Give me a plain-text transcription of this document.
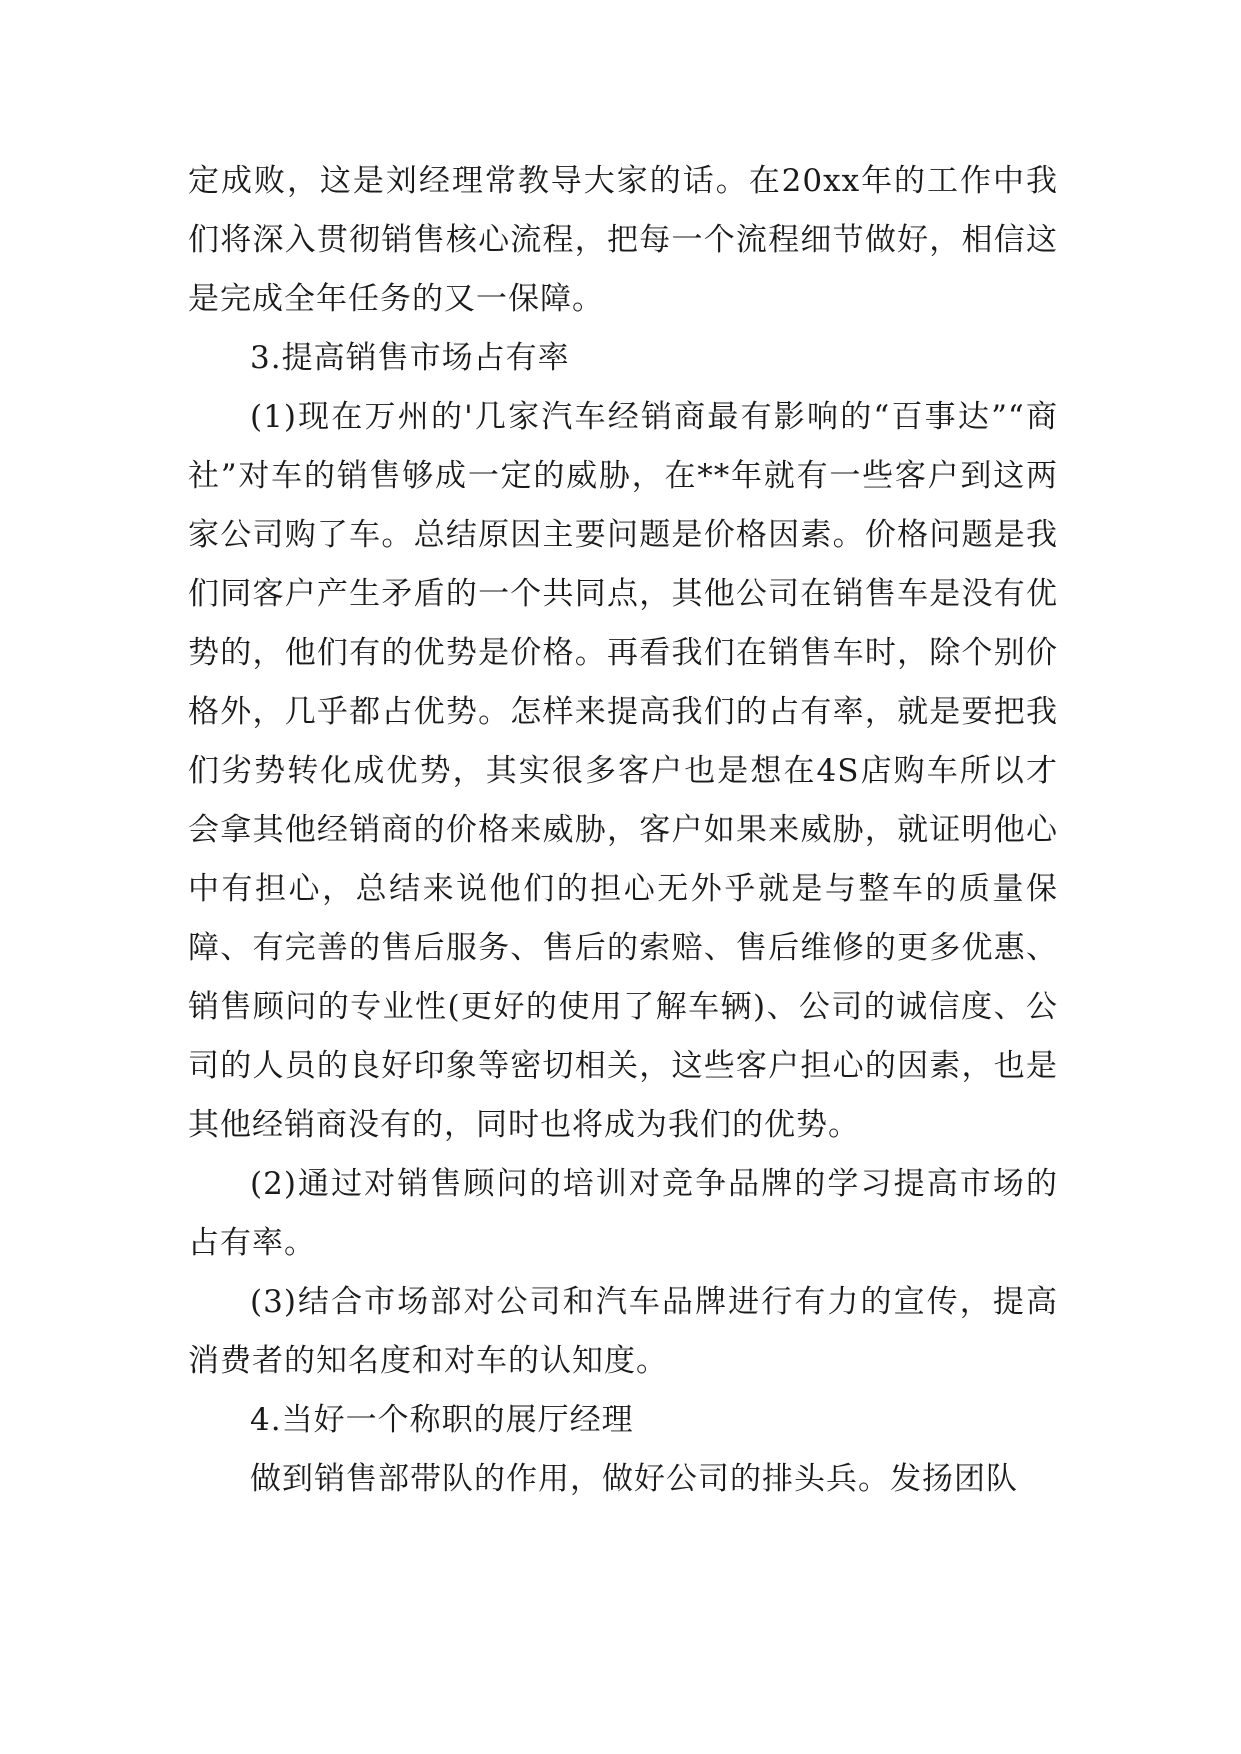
定成败，这是刘经理常教导大家的话。在20xx年的工作中我们将深入贯彻销售核心流程，把每一个流程细节做好，相信这是完成全年任务的又一保障。

3.提高销售市场占有率

(1)现在万州的'几家汽车经销商最有影响的“百事达”“商社”对车的销售够成一定的威胁，在**年就有一些客户到这两家公司购了车。总结原因主要问题是价格因素。价格问题是我们同客户产生矛盾的一个共同点，其他公司在销售车是没有优势的，他们有的优势是价格。再看我们在销售车时，除个别价格外，几乎都占优势。怎样来提高我们的占有率，就是要把我们劣势转化成优势，其实很多客户也是想在4S店购车所以才会拿其他经销商的价格来威胁，客户如果来威胁，就证明他心中有担心，总结来说他们的担心无外乎就是与整车的质量保障、有完善的售后服务、售后的索赔、售后维修的更多优惠、销售顾问的专业性(更好的使用了解车辆)、公司的诚信度、公司的人员的良好印象等密切相关，这些客户担心的因素，也是其他经销商没有的，同时也将成为我们的优势。

(2)通过对销售顾问的培训对竞争品牌的学习提高市场的占有率。

(3)结合市场部对公司和汽车品牌进行有力的宣传，提高消费者的知名度和对车的认知度。

4.当好一个称职的展厅经理

做到销售部带队的作用，做好公司的排头兵。发扬团队
